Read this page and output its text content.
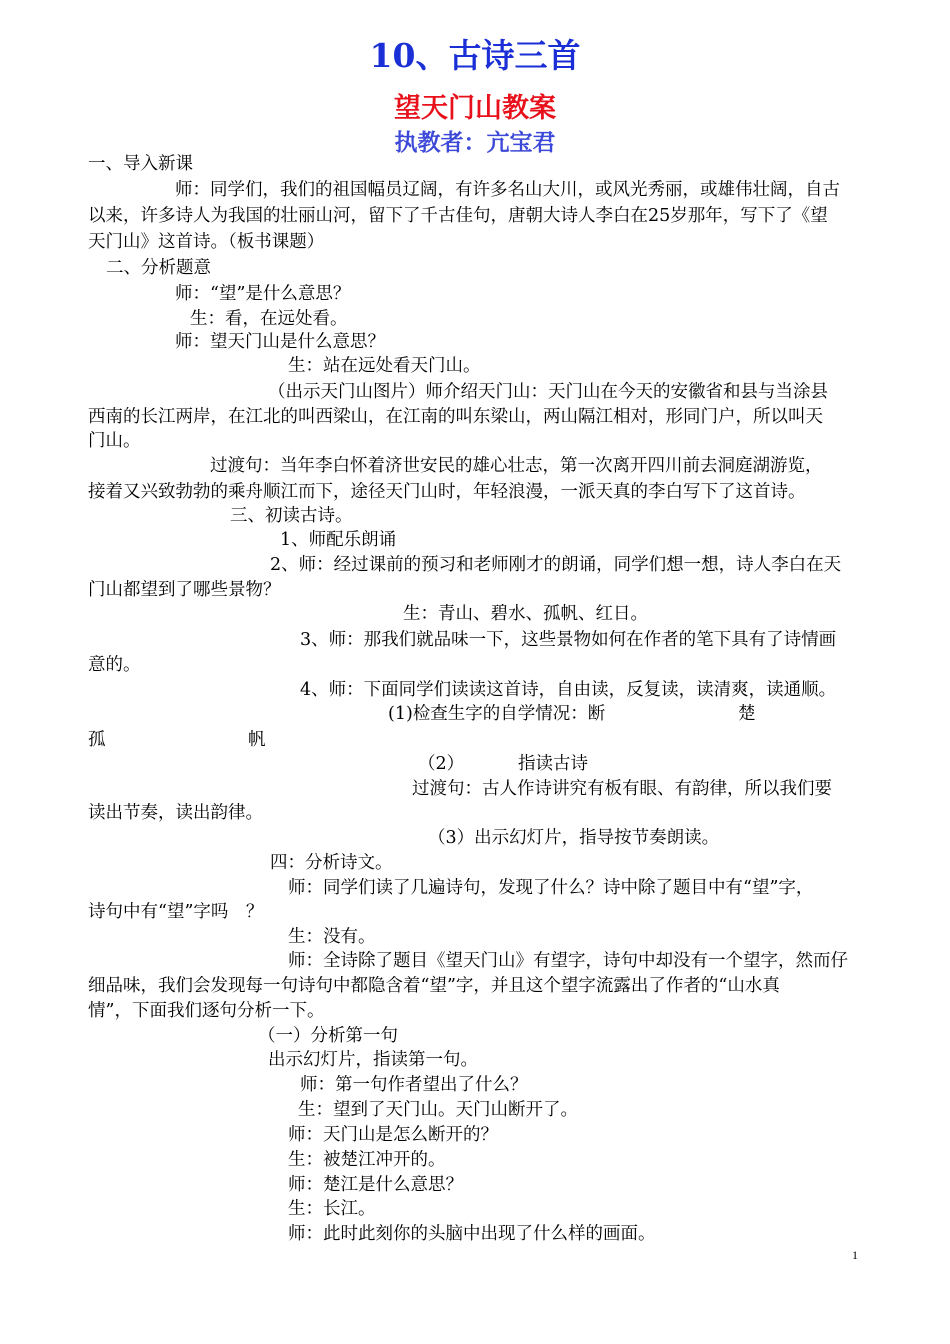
10、古诗三首
望天门山教案
执教者：亢宝君
一、导入新课
师：同学们，我们的祖国幅员辽阔，有许多名山大川，或风光秀丽，或雄伟壮阔，自古
以来，许多诗人为我国的壮丽山河，留下了千古佳句，唐朝大诗人李白在25岁那年，写下了《望
天门山》这首诗。（板书课题）
二、分析题意
师：“望”是什么意思？
生：看，在远处看。
师：望天门山是什么意思？
生：站在远处看天门山。
（出示天门山图片）师介绍天门山：天门山在今天的安徽省和县与当涂县
西南的长江两岸，在江北的叫西梁山，在江南的叫东梁山，两山隔江相对，形同门户，所以叫天
门山。
过渡句：当年李白怀着济世安民的雄心壮志，第一次离开四川前去洞庭湖游览，
接着又兴致勃勃的乘舟顺江而下，途径天门山时，年轻浪漫，一派天真的李白写下了这首诗。
三、初读古诗。
1、师配乐朗诵
2、师：经过课前的预习和老师刚才的朗诵，同学们想一想，诗人李白在天
门山都望到了哪些景物？
生：青山、碧水、孤帆、红日。
3、师：那我们就品味一下，这些景物如何在作者的笔下具有了诗情画
意的。
4、师：下面同学们读读这首诗，自由读，反复读，读清爽，读通顺。
(1)检查生字的自学情况：断	楚
孤	帆
（2）	指读古诗
过渡句：古人作诗讲究有板有眼、有韵律，所以我们要
读出节奏，读出韵律。
（3）出示幻灯片，指导按节奏朗读。
四：分析诗文。
师：同学们读了几遍诗句，发现了什么？诗中除了题目中有“望”字，
诗句中有“望”字吗　？
生：没有。
师：全诗除了题目《望天门山》有望字，诗句中却没有一个望字，然而仔
细品味，我们会发现每一句诗句中都隐含着“望”字，并且这个望字流露出了作者的“山水真
情”，下面我们逐句分析一下。
（一）分析第一句
出示幻灯片，指读第一句。
师：第一句作者望出了什么？
生：望到了天门山。天门山断开了。
师：天门山是怎么断开的？
生：被楚江冲开的。
师：楚江是什么意思？
生：长江。
师：此时此刻你的头脑中出现了什么样的画面。
1
